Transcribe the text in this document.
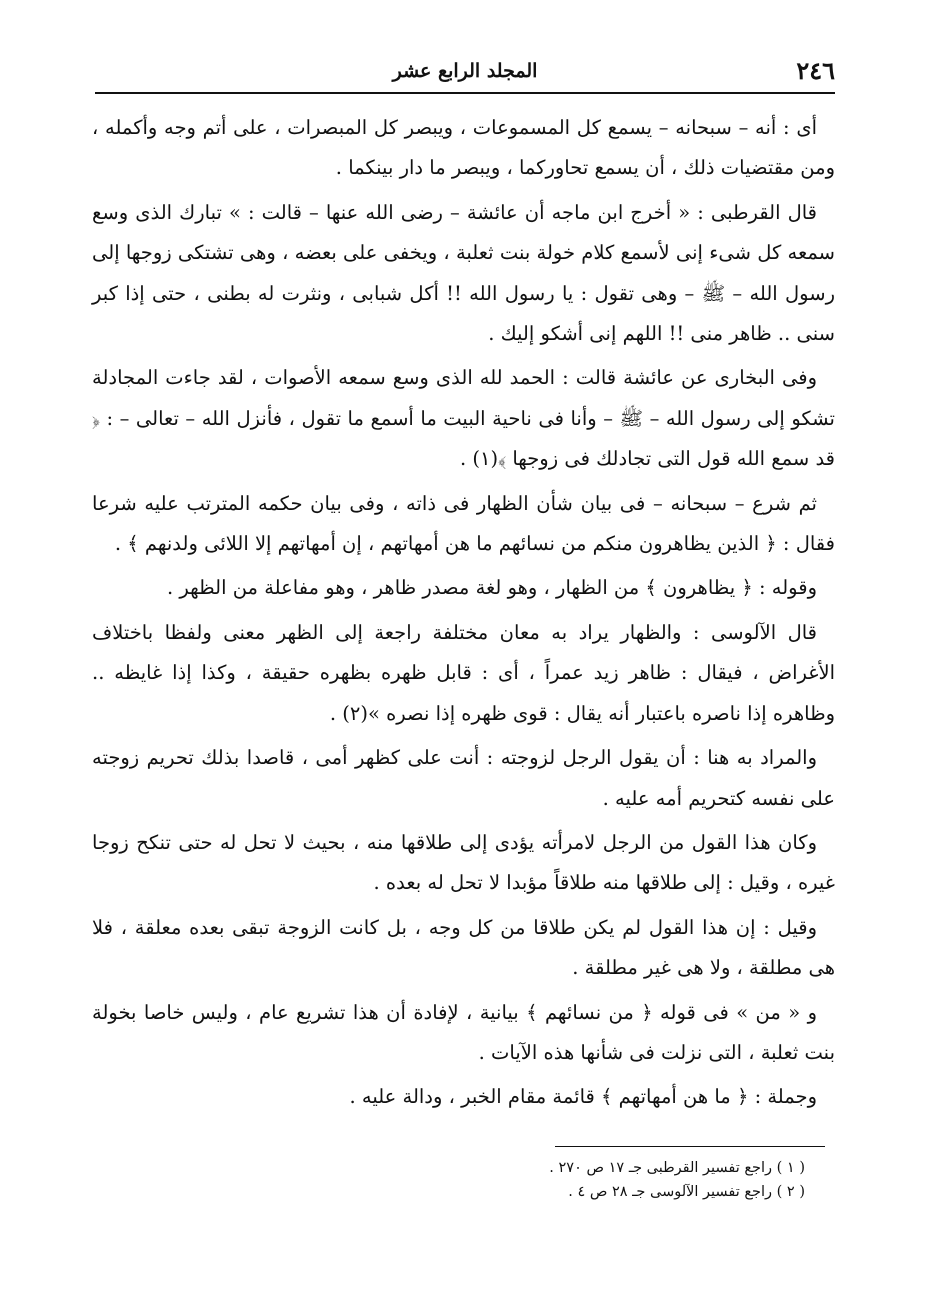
٢٤٦
المجلد الرابع عشر

أى : أنه – سبحانه – يسمع كل المسموعات ، ويبصر كل المبصرات ، على أتم وجه وأكمله ، ومن مقتضيات ذلك ، أن يسمع تحاوركما ، ويبصر ما دار بينكما .

قال القرطبى : « أخرج ابن ماجه أن عائشة – رضى الله عنها – قالت : » تبارك الذى وسع سمعه كل شىء إنى لأسمع كلام خولة بنت ثعلبة ، ويخفى على بعضه ، وهى تشتكى زوجها إلى رسول الله – ﷺ – وهى تقول : يا رسول الله !! أكل شبابى ، ونثرت له بطنى ، حتى إذا كبر سنى .. ظاهر منى !! اللهم إنى أشكو إليك .

وفى البخارى عن عائشة قالت : الحمد لله الذى وسع سمعه الأصوات ، لقد جاءت المجادلة تشكو إلى رسول الله – ﷺ – وأنا فى ناحية البيت ما أسمع ما تقول ، فأنزل الله – تعالى – : ﴿ قد سمع الله قول التى تجادلك فى زوجها ﴾(١) .

ثم شرع – سبحانه – فى بيان شأن الظهار فى ذاته ، وفى بيان حكمه المترتب عليه شرعا فقال : ﴿ الذين يظاهرون منكم من نسائهم ما هن أمهاتهم ، إن أمهاتهم إلا اللائى ولدنهم ﴾ .

وقوله : ﴿ يظاهرون ﴾ من الظهار ، وهو لغة مصدر ظاهر ، وهو مفاعلة من الظهر .

قال الآلوسى : والظهار يراد به معان مختلفة راجعة إلى الظهر معنى ولفظا باختلاف الأغراض ، فيقال : ظاهر زيد عمراً ، أى : قابل ظهره بظهره حقيقة ، وكذا إذا غايظه .. وظاهره إذا ناصره باعتبار أنه يقال : قوى ظهره إذا نصره »(٢) .

والمراد به هنا : أن يقول الرجل لزوجته : أنت على كظهر أمى ، قاصدا بذلك تحريم زوجته على نفسه كتحريم أمه عليه .

وكان هذا القول من الرجل لامرأته يؤدى إلى طلاقها منه ، بحيث لا تحل له حتى تنكح زوجا غيره ، وقيل : إلى طلاقها منه طلاقاً مؤبدا لا تحل له بعده .

وقيل : إن هذا القول لم يكن طلاقا من كل وجه ، بل كانت الزوجة تبقى بعده معلقة ، فلا هى مطلقة ، ولا هى غير مطلقة .

و « من » فى قوله ﴿ من نسائهم ﴾ بيانية ، لإفادة أن هذا تشريع عام ، وليس خاصا بخولة بنت ثعلبة ، التى نزلت فى شأنها هذه الآيات .

وجملة : ﴿ ما هن أمهاتهم ﴾ قائمة مقام الخبر ، ودالة عليه .

( ١ ) راجع تفسير القرطبى جـ ١٧ ص ٢٧٠ .

( ٢ ) راجع تفسير الآلوسى جـ ٢٨ ص ٤ .
